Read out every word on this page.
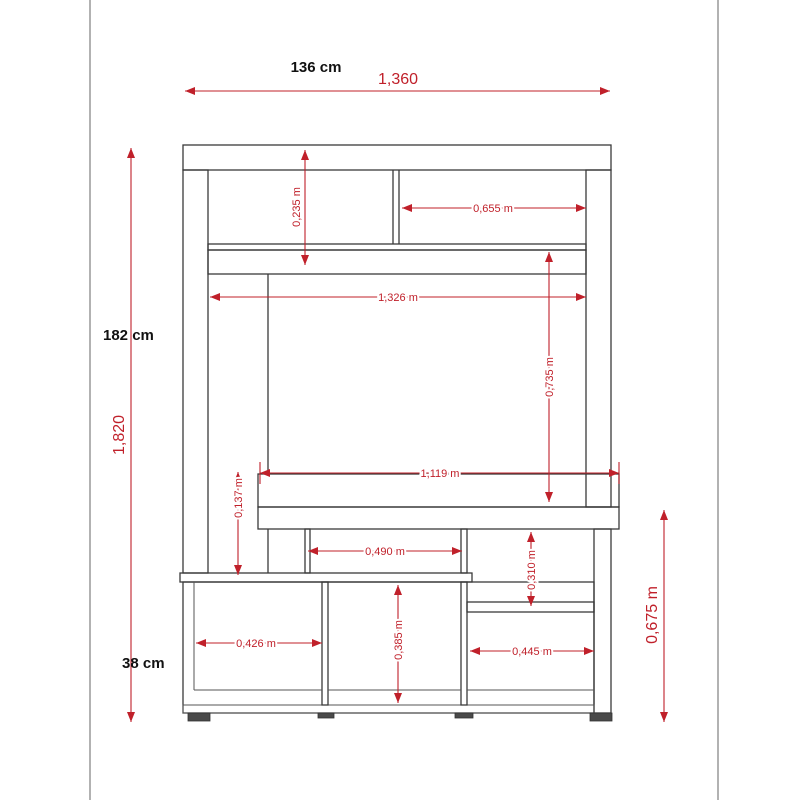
136 cm
1,360
182 cm
1,820
38 cm
0,675 m
0,235 m	0,655 m
1,326 m
0,735 m
1,119 m
0,137 m
0,490 m	0,310 m
0,426 m	0,385 m	0,445 m
